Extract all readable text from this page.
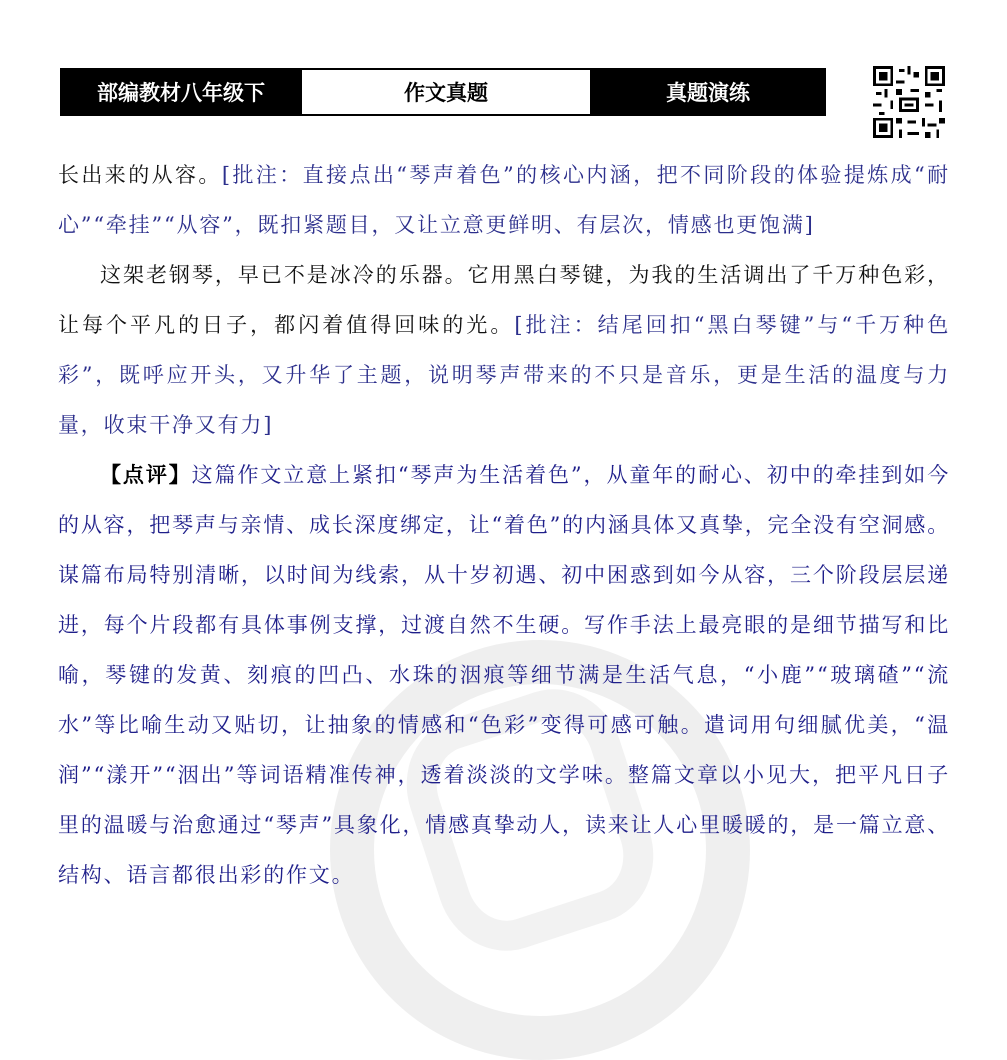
部编教材八年级下	作文真题	真题演练

长出来的从容。[批注：直接点出“琴声着色”的核心内涵，把不同阶段的体验提炼成“耐心”“牵挂”“从容”，既扣紧题目，又让立意更鲜明、有层次，情感也更饱满]

这架老钢琴，早已不是冰冷的乐器。它用黑白琴键，为我的生活调出了千万种色彩，让每个平凡的日子，都闪着值得回味的光。[批注：结尾回扣“黑白琴键”与“千万种色彩”，既呼应开头，又升华了主题，说明琴声带来的不只是音乐，更是生活的温度与力量，收束干净又有力]

【点评】这篇作文立意上紧扣“琴声为生活着色”，从童年的耐心、初中的牵挂到如今的从容，把琴声与亲情、成长深度绑定，让“着色”的内涵具体又真挚，完全没有空洞感。谋篇布局特别清晰，以时间为线索，从十岁初遇、初中困惑到如今从容，三个阶段层层递进，每个片段都有具体事例支撑，过渡自然不生硬。写作手法上最亮眼的是细节描写和比喻，琴键的发黄、刻痕的凹凸、水珠的洇痕等细节满是生活气息，“小鹿”“玻璃碴”“流水”等比喻生动又贴切，让抽象的情感和“色彩”变得可感可触。遣词用句细腻优美，“温润”“漾开”“洇出”等词语精准传神，透着淡淡的文学味。整篇文章以小见大，把平凡日子里的温暖与治愈通过“琴声”具象化，情感真挚动人，读来让人心里暖暖的，是一篇立意、结构、语言都很出彩的作文。
